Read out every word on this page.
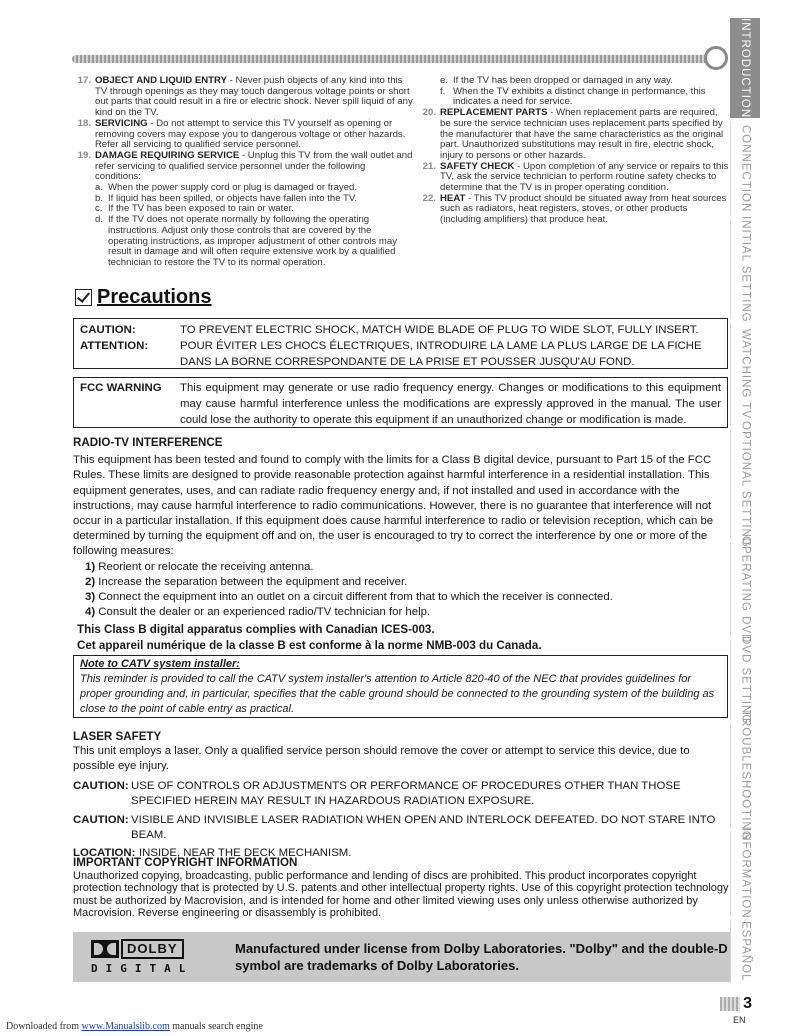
INTRODUCTION
CONNECTION
INITIAL SETTING
WATCHING TV
OPTIONAL SETTING
OPERATING DVD
DVD SETTING
TROUBLESHOOTING
INFORMATION
ESPAÑOL
17. OBJECT AND LIQUID ENTRY - Never push objects of any kind into this TV through openings as they may touch dangerous voltage points or short out parts that could result in a fire or electric shock. Never spill liquid of any kind on the TV.
18. SERVICING - Do not attempt to service this TV yourself as opening or removing covers may expose you to dangerous voltage or other hazards. Refer all servicing to qualified service personnel.
19. DAMAGE REQUIRING SERVICE - Unplug this TV from the wall outlet and refer servicing to qualified service personnel under the following conditions:
a. When the power supply cord or plug is damaged or frayed.
b. If liquid has been spilled, or objects have fallen into the TV.
c. If the TV has been exposed to rain or water.
d. If the TV does not operate normally by following the operating instructions. Adjust only those controls that are covered by the operating instructions, as improper adjustment of other controls may result in damage and will often require extensive work by a qualified technician to restore the TV to its normal operation.
e. If the TV has been dropped or damaged in any way.
f. When the TV exhibits a distinct change in performance, this indicates a need for service.
20. REPLACEMENT PARTS - When replacement parts are required, be sure the service technician uses replacement parts specified by the manufacturer that have the same characteristics as the original part. Unauthorized substitutions may result in fire, electric shock, injury to persons or other hazards.
21. SAFETY CHECK - Upon completion of any service or repairs to this TV, ask the service technician to perform routine safety checks to determine that the TV is in proper operating condition.
22. HEAT - This TV product should be situated away from heat sources such as radiators, heat registers, stoves, or other products (including amplifiers) that produce heat.
Precautions
CAUTION:	TO PREVENT ELECTRIC SHOCK, MATCH WIDE BLADE OF PLUG TO WIDE SLOT, FULLY INSERT.
ATTENTION:	POUR ÉVITER LES CHOCS ÉLECTRIQUES, INTRODUIRE LA LAME LA PLUS LARGE DE LA FICHE DANS LA BORNE CORRESPONDANTE DE LA PRISE ET POUSSER JUSQU'AU FOND.
FCC WARNING	This equipment may generate or use radio frequency energy. Changes or modifications to this equipment may cause harmful interference unless the modifications are expressly approved in the manual. The user could lose the authority to operate this equipment if an unauthorized change or modification is made.
RADIO-TV INTERFERENCE
This equipment has been tested and found to comply with the limits for a Class B digital device, pursuant to Part 15 of the FCC Rules. These limits are designed to provide reasonable protection against harmful interference in a residential installation. This equipment generates, uses, and can radiate radio frequency energy and, if not installed and used in accordance with the instructions, may cause harmful interference to radio communications. However, there is no guarantee that interference will not occur in a particular installation. If this equipment does cause harmful interference to radio or television reception, which can be determined by turning the equipment off and on, the user is encouraged to try to correct the interference by one or more of the following measures:
1) Reorient or relocate the receiving antenna.
2) Increase the separation between the equipment and receiver.
3) Connect the equipment into an outlet on a circuit different from that to which the receiver is connected.
4) Consult the dealer or an experienced radio/TV technician for help.
This Class B digital apparatus complies with Canadian ICES-003.
Cet appareil numérique de la classe B est conforme à la norme NMB-003 du Canada.
Note to CATV system installer:
This reminder is provided to call the CATV system installer's attention to Article 820-40 of the NEC that provides guidelines for proper grounding and, in particular, specifies that the cable ground should be connected to the grounding system of the building as close to the point of cable entry as practical.
LASER SAFETY
This unit employs a laser. Only a qualified service person should remove the cover or attempt to service this device, due to possible eye injury.
CAUTION: USE OF CONTROLS OR ADJUSTMENTS OR PERFORMANCE OF PROCEDURES OTHER THAN THOSE SPECIFIED HEREIN MAY RESULT IN HAZARDOUS RADIATION EXPOSURE.
CAUTION: VISIBLE AND INVISIBLE LASER RADIATION WHEN OPEN AND INTERLOCK DEFEATED. DO NOT STARE INTO BEAM.
LOCATION: INSIDE, NEAR THE DECK MECHANISM.
IMPORTANT COPYRIGHT INFORMATION
Unauthorized copying, broadcasting, public performance and lending of discs are prohibited. This product incorporates copyright protection technology that is protected by U.S. patents and other intellectual property rights. Use of this copyright protection technology must be authorized by Macrovision, and is intended for home and other limited viewing uses only unless otherwise authorized by Macrovision. Reverse engineering or disassembly is prohibited.
DOLBY
DIGITAL
Manufactured under license from Dolby Laboratories. "Dolby" and the double-D symbol are trademarks of Dolby Laboratories.
3
EN
Downloaded from www.Manualslib.com manuals search engine
